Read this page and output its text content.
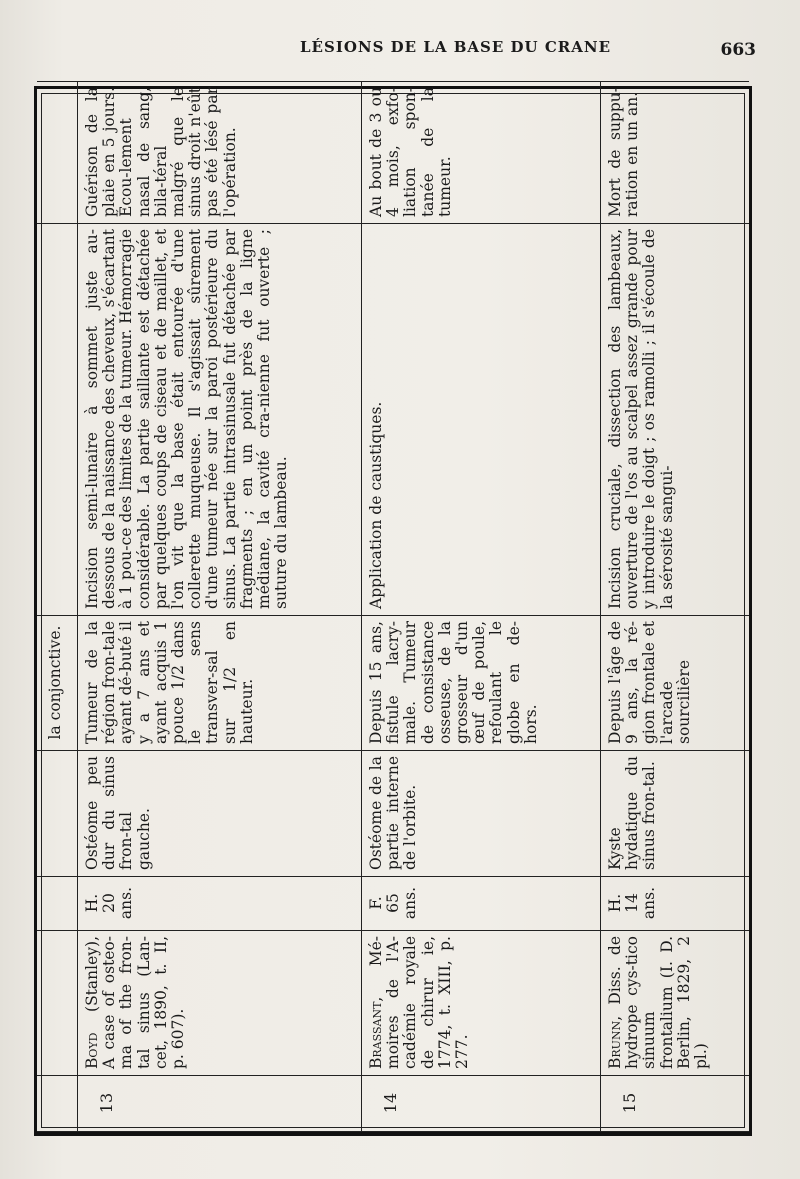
LÉSIONS DE LA BASE DU CRANE	663
				la conjonctive.		
13	Boyd (Stanley), A case of osteo-ma of the fron-tal sinus (Lan-cet, 1890, t. II, p. 607).	H. 20 ans.	Ostéome peu dur du sinus fron-tal gauche.	Tumeur de la région fron-tale ayant dé-buté il y a 7 ans et ayant acquis 1 pouce 1/2 dans le sens transver-sal sur 1/2 en hauteur.	Incision semi-lunaire à sommet juste au-dessous de la naissance des cheveux, s'écartant à 1 pou-ce des limites de la tumeur. Hémorragie considérable. La partie saillante est détachée par quelques coups de ciseau et de maillet, et l'on vit que la base était entourée d'une collerette muqueuse. Il s'agissait sûrement d'une tumeur née sur la paroi postérieure du sinus. La partie intrasinusale fut détachée par fragments ; en un point près de la ligne médiane, la cavité cra-nienne fut ouverte ; suture du lambeau.	Guérison de la plaie en 5 jours. Écou-lement nasal de sang, bila-téral malgré que le sinus droit n'eût pas été lésé par l'opération.
14	Brassant, Mé-moires de l'A-cadémie royale de chirur ie, 1774, t. XIII, p. 277.	F. 65 ans.	Ostéome de la partie interne de l'orbite.	Depuis 15 ans, fistule lacry-male. Tumeur de consistance osseuse, de la grosseur d'un œuf de poule, refoulant le globe en de-hors.	Application de caustiques.	Au bout de 3 ou 4 mois, exfo-liation spon-tanée de la tumeur.
15	Brunn, Diss. de hydrope cys-tico sinuum frontalium (I. D. Berlin, 1829, 2 pl.)	H. 14 ans.	Kyste hydatique du sinus fron-tal.	Depuis l'âge de 9 ans, la ré-gion frontale et l'arcade sourcilière	Incision cruciale, dissection des lambeaux, ouverture de l'os au scalpel assez grande pour y introduire le doigt ; os ramolli ; il s'écoule de la sérosité sangui-	Mort de suppu-ration en un an.
